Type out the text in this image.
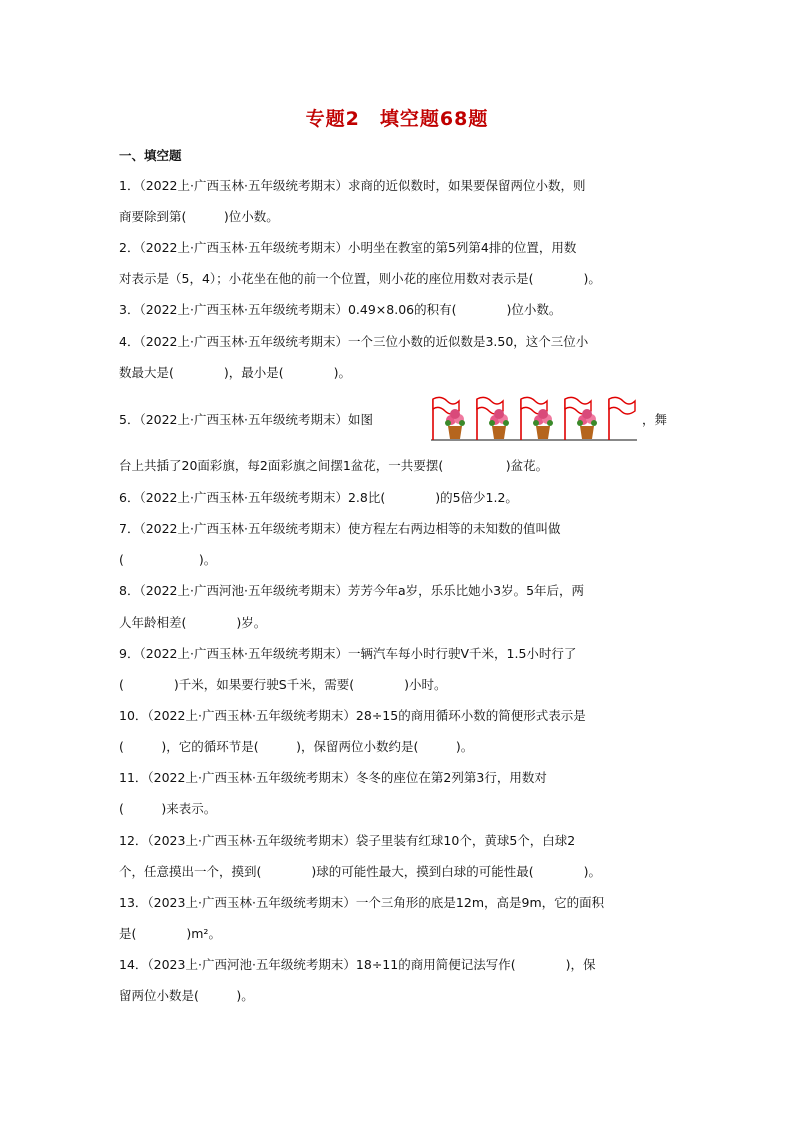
专题2　填空题68题
一、填空题
1．（2022上·广西玉林·五年级统考期末）求商的近似数时，如果要保留两位小数，则
商要除到第(　　　)位小数。
2．（2022上·广西玉林·五年级统考期末）小明坐在教室的第5列第4排的位置，用数
对表示是（5，4）；小花坐在他的前一个位置，则小花的座位用数对表示是(　　　　)。
3．（2022上·广西玉林·五年级统考期末）0.49×8.06的积有(　　　　)位小数。
4．（2022上·广西玉林·五年级统考期末）一个三位小数的近似数是3.50，这个三位小
数最大是(　　　　)，最小是(　　　　)。
5．（2022上·广西玉林·五年级统考期末）如图	，舞
台上共插了20面彩旗，每2面彩旗之间摆1盆花，一共要摆(　　　　　)盆花。
6．（2022上·广西玉林·五年级统考期末）2.8比(　　　　)的5倍少1.2。
7．（2022上·广西玉林·五年级统考期末）使方程左右两边相等的未知数的值叫做
(　　　　　　)。
8．（2022上·广西河池·五年级统考期末）芳芳今年a岁，乐乐比她小3岁。5年后，两
人年龄相差(　　　　)岁。
9．（2022上·广西玉林·五年级统考期末）一辆汽车每小时行驶V千米，1.5小时行了
(　　　　)千米，如果要行驶S千米，需要(　　　　)小时。
10．（2022上·广西玉林·五年级统考期末）28÷15的商用循环小数的简便形式表示是
(　　　)，它的循环节是(　　　)，保留两位小数约是(　　　)。
11．（2022上·广西玉林·五年级统考期末）冬冬的座位在第2列第3行，用数对
(　　　)来表示。
12．（2023上·广西玉林·五年级统考期末）袋子里装有红球10个，黄球5个，白球2
个，任意摸出一个，摸到(　　　　)球的可能性最大，摸到白球的可能性最(　　　　)。
13．（2023上·广西玉林·五年级统考期末）一个三角形的底是12m，高是9m，它的面积
是(　　　　)m²。
14．（2023上·广西河池·五年级统考期末）18÷11的商用简便记法写作(　　　　)，保
留两位小数是(　　　)。
